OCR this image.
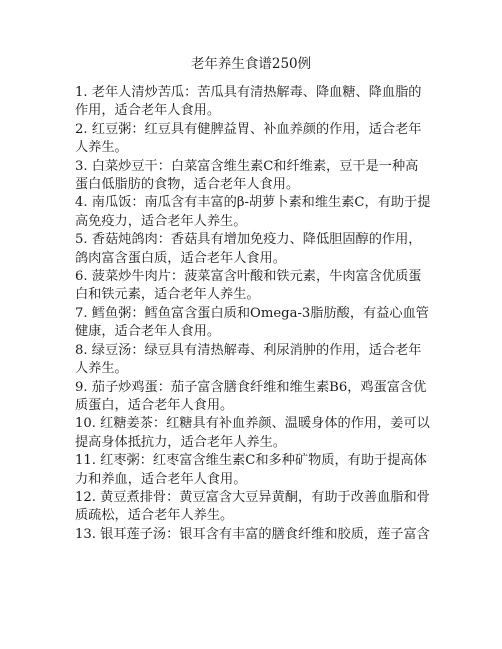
老年养生食谱250例
1. 老年人清炒苦瓜：苦瓜具有清热解毒、降血糖、降血脂的作用，适合老年人食用。
2. 红豆粥：红豆具有健脾益胃、补血养颜的作用，适合老年人养生。
3. 白菜炒豆干：白菜富含维生素C和纤维素，豆干是一种高蛋白低脂肪的食物，适合老年人食用。
4. 南瓜饭：南瓜含有丰富的β-胡萝卜素和维生素C，有助于提高免疫力，适合老年人养生。
5. 香菇炖鸽肉：香菇具有增加免疫力、降低胆固醇的作用，鸽肉富含蛋白质，适合老年人食用。
6. 菠菜炒牛肉片：菠菜富含叶酸和铁元素，牛肉富含优质蛋白和铁元素，适合老年人养生。
7. 鳕鱼粥：鳕鱼富含蛋白质和Omega-3脂肪酸，有益心血管健康，适合老年人食用。
8. 绿豆汤：绿豆具有清热解毒、利尿消肿的作用，适合老年人养生。
9. 茄子炒鸡蛋：茄子富含膳食纤维和维生素B6，鸡蛋富含优质蛋白，适合老年人食用。
10. 红糖姜茶：红糖具有补血养颜、温暖身体的作用，姜可以提高身体抵抗力，适合老年人养生。
11. 红枣粥：红枣富含维生素C和多种矿物质，有助于提高体力和养血，适合老年人食用。
12. 黄豆煮排骨：黄豆富含大豆异黄酮，有助于改善血脂和骨质疏松，适合老年人养生。
13. 银耳莲子汤：银耳含有丰富的膳食纤维和胶质，莲子富含
